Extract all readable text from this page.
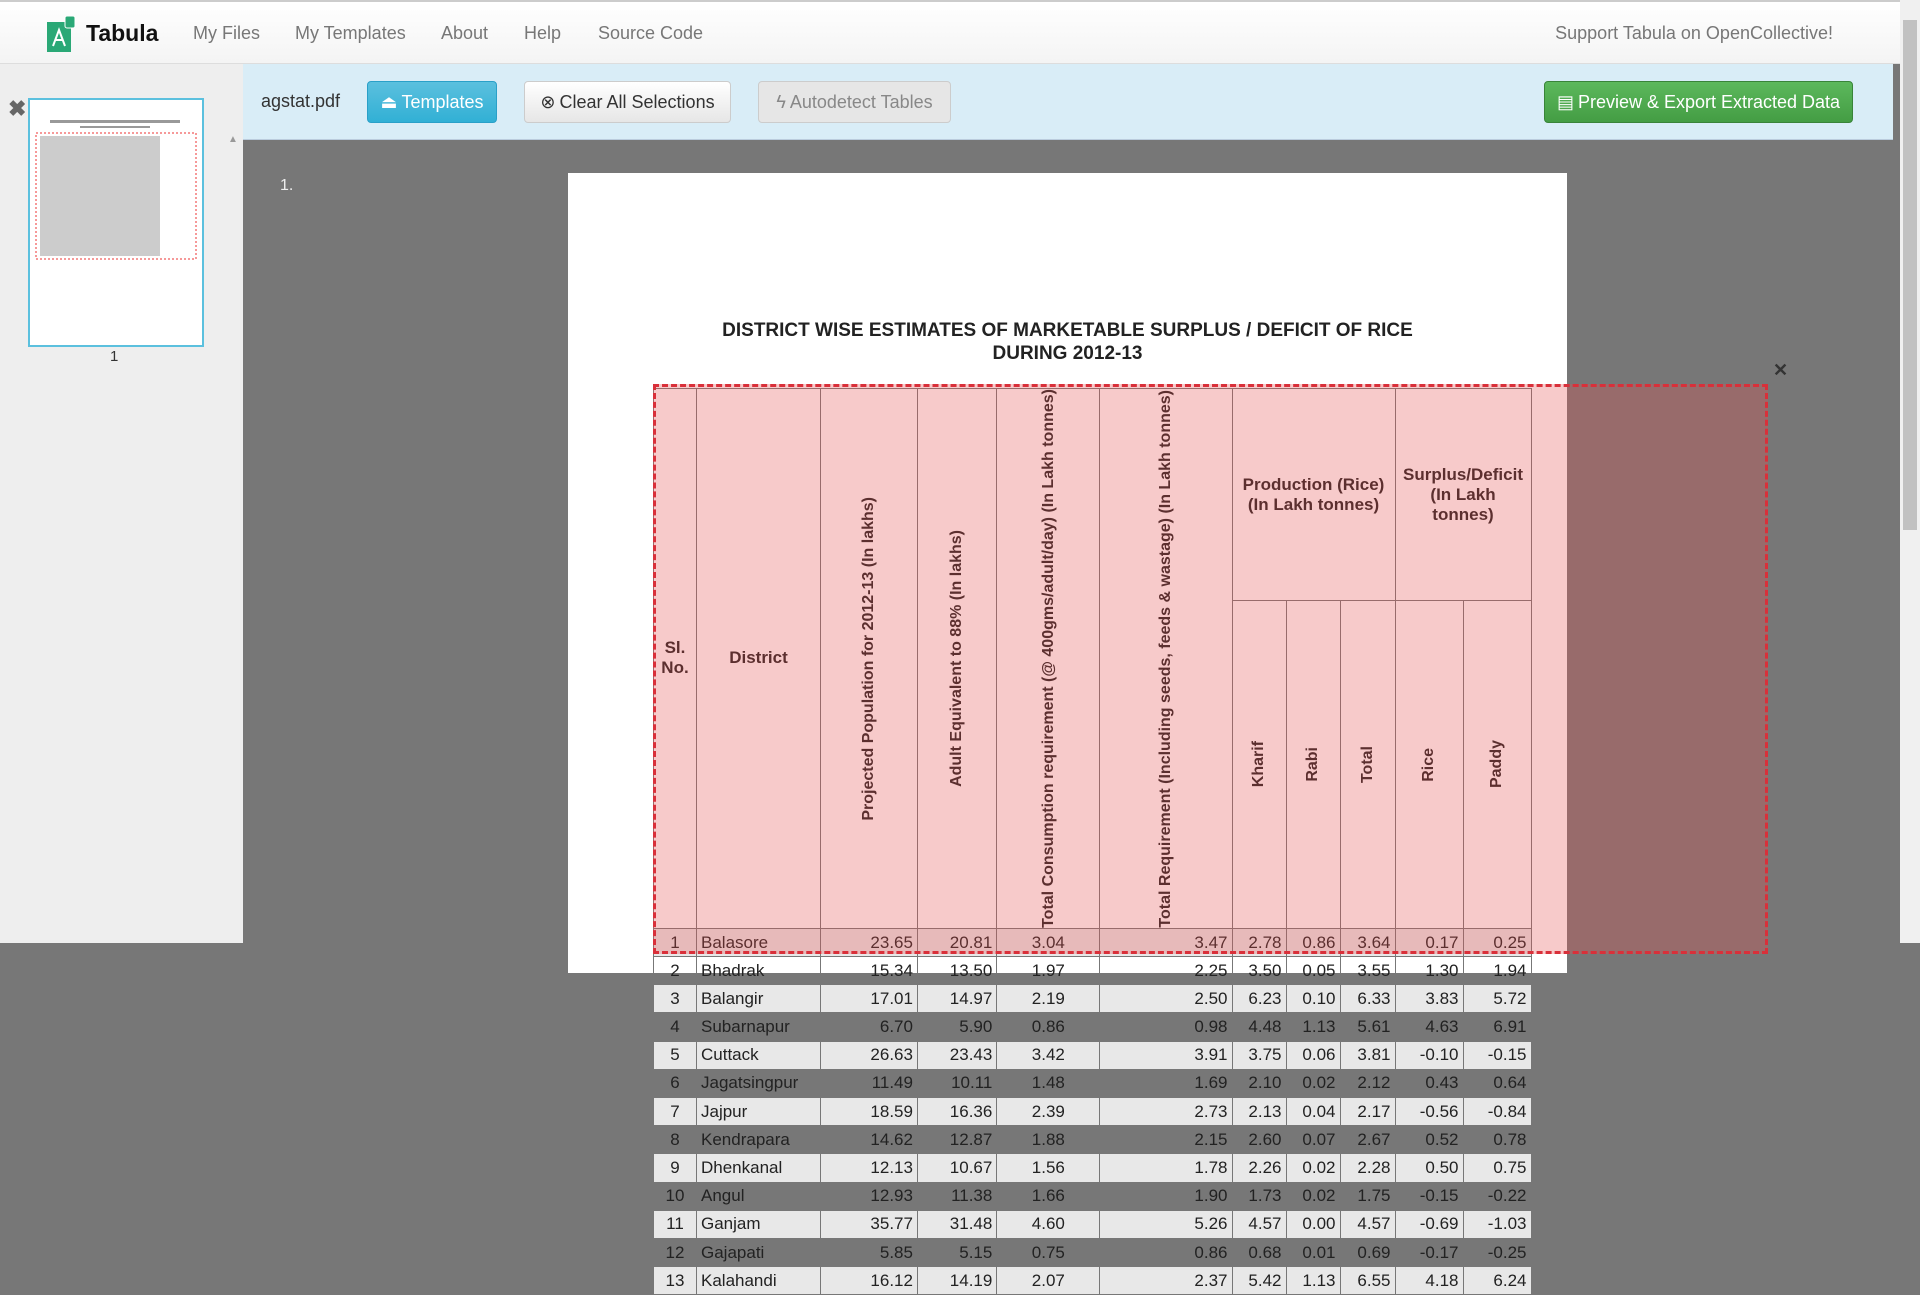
Tabula My Files My Templates About Help Source Code	Support Tabula on OpenCollective!
▲
✖
1
agstat.pdf ⏏ Templates	⊗ Clear All Selections	ϟ Autodetect Tables	▤ Preview & Export Extracted Data
1.
DISTRICT WISE ESTIMATES OF MARKETABLE SURPLUS / DEFICIT OF RICE
DURING 2012-13
Sl. No.	District	Projected Population for 2012-13 (In lakhs)	Adult Equivalent to 88% (In lakhs)	Total Consumption requirement (@ 400gms/adult/day) (In Lakh tonnes)	Total Requirement (Including seeds, feeds & wastage) (In Lakh tonnes)	Production (Rice) (In Lakh tonnes)			Surplus/Deficit (In Lakh tonnes)	

						Kharif	Rabi	Total	Rice	Paddy

1	Balasore	23.65	20.81	3.04	3.47	2.78	0.86	3.64	0.17	0.25
2	Bhadrak	15.34	13.50	1.97	2.25	3.50	0.05	3.55	1.30	1.94
3	Balangir	17.01	14.97	2.19	2.50	6.23	0.10	6.33	3.83	5.72
4	Subarnapur	6.70	5.90	0.86	0.98	4.48	1.13	5.61	4.63	6.91
5	Cuttack	26.63	23.43	3.42	3.91	3.75	0.06	3.81	-0.10	-0.15
6	Jagatsingpur	11.49	10.11	1.48	1.69	2.10	0.02	2.12	0.43	0.64
7	Jajpur	18.59	16.36	2.39	2.73	2.13	0.04	2.17	-0.56	-0.84
8	Kendrapara	14.62	12.87	1.88	2.15	2.60	0.07	2.67	0.52	0.78
9	Dhenkanal	12.13	10.67	1.56	1.78	2.26	0.02	2.28	0.50	0.75
10	Angul	12.93	11.38	1.66	1.90	1.73	0.02	1.75	-0.15	-0.22
11	Ganjam	35.77	31.48	4.60	5.26	4.57	0.00	4.57	-0.69	-1.03
12	Gajapati	5.85	5.15	0.75	0.86	0.68	0.01	0.69	-0.17	-0.25
13	Kalahandi	16.12	14.19	2.07	2.37	5.42	1.13	6.55	4.18	6.24
✕
